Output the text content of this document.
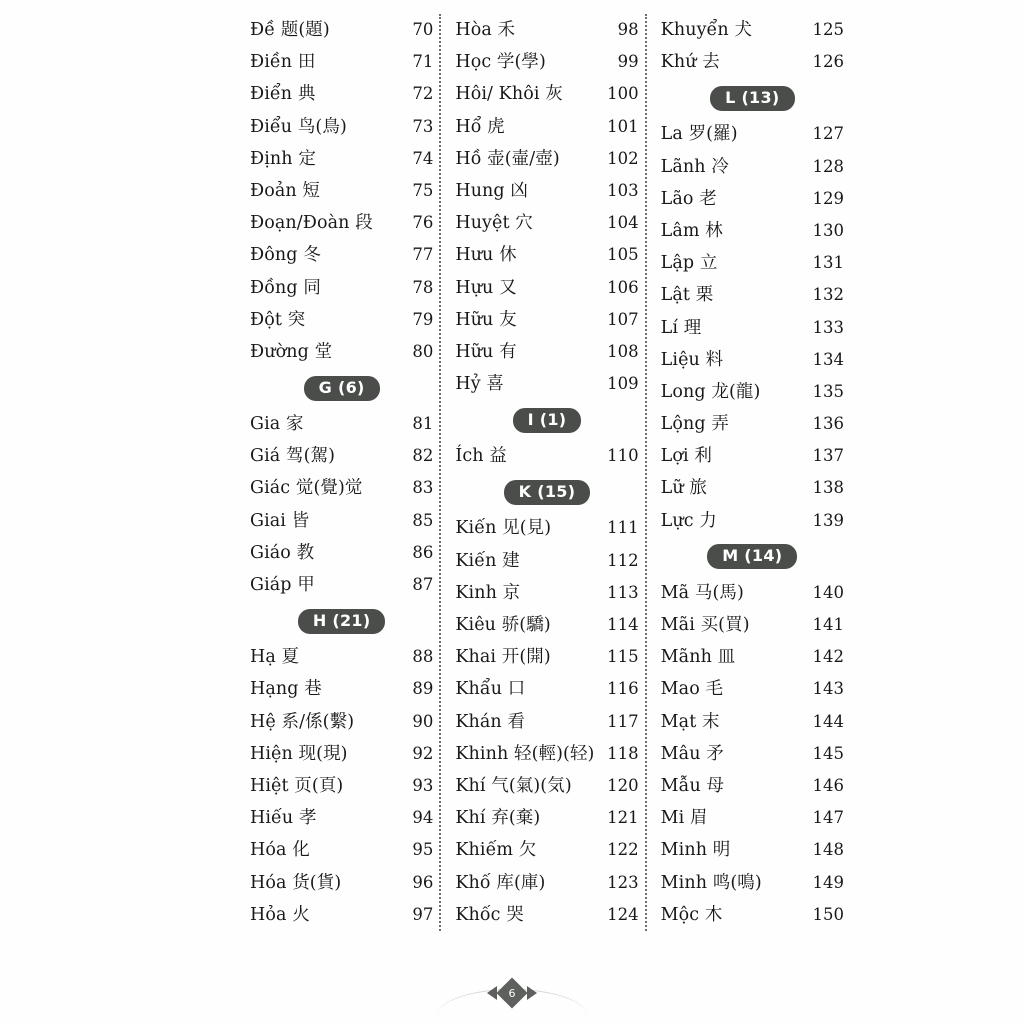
Đề 题(題)	70
Điền 田	71
Điển 典	72
Điểu 鸟(鳥)	73
Định 定	74
Đoản 短	75
Đoạn/Đoàn 段	76
Đông 冬	77
Đồng 同	78
Đột 突	79
Đường 堂	80
G (6)
Gia 家	81
Giá 驾(駕)	82
Giác 觉(覺)觉	83
Giai 皆	85
Giáo 教	86
Giáp 甲	87
H (21)
Hạ 夏	88
Hạng 巷	89
Hệ 系/係(繫)	90
Hiện 现(現)	92
Hiệt 页(頁)	93
Hiếu 孝	94
Hóa 化	95
Hóa 货(貨)	96
Hỏa 火	97
Hòa 禾	98
Học 学(學)	99
Hôi/ Khôi 灰	100
Hổ 虎	101
Hồ 壶(壷/壺)	102
Hung 凶	103
Huyệt 穴	104
Hưu 休	105
Hựu 又	106
Hữu 友	107
Hữu 有	108
Hỷ 喜	109
I (1)
Ích 益	110
K (15)
Kiến 见(見)	111
Kiến 建	112
Kinh 京	113
Kiêu 骄(驕)	114
Khai 开(開)	115
Khẩu 口	116
Khán 看	117
Khinh 轻(輕)(轻) 118
Khí 气(氣)(気)	120
Khí 弃(棄)	121
Khiếm 欠	122
Khố 库(庫)	123
Khốc 哭	124
Khuyển 犬	125
Khứ 去	126
L (13)
La 罗(羅)	127
Lãnh 冷	128
Lão 老	129
Lâm 林	130
Lập 立	131
Lật 栗	132
Lí 理	133
Liệu 料	134
Long 龙(龍)	135
Lộng 弄	136
Lợi 利	137
Lữ 旅	138
Lực 力	139
M (14)
Mã 马(馬)	140
Mãi 买(買)	141
Mãnh 皿	142
Mao 毛	143
Mạt 末	144
Mâu 矛	145
Mẫu 母	146
Mi 眉	147
Minh 明	148
Minh 鸣(鳴)	149
Mộc 木	150
6
